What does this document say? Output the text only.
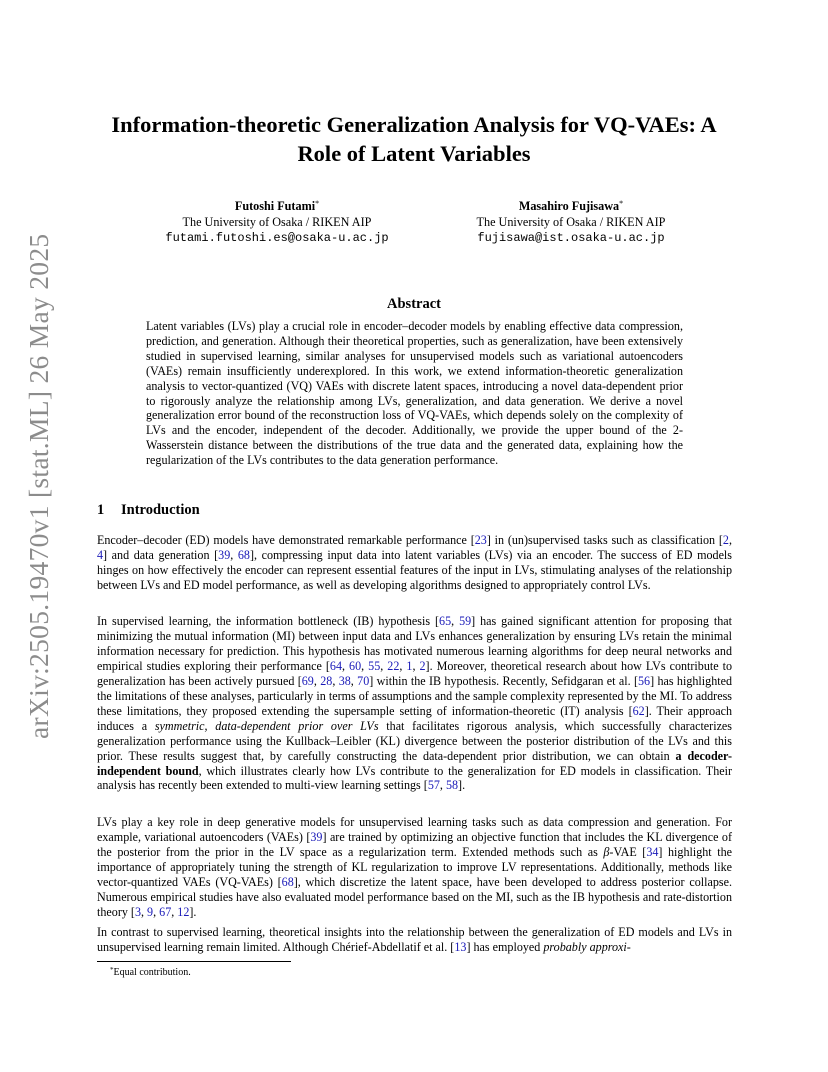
arXiv:2505.19470v1 [stat.ML] 26 May 2025
Information-theoretic Generalization Analysis for VQ-VAEs: A Role of Latent Variables
Futoshi Futami*
The University of Osaka / RIKEN AIP
futami.futoshi.es@osaka-u.ac.jp
Masahiro Fujisawa*
The University of Osaka / RIKEN AIP
fujisawa@ist.osaka-u.ac.jp
Abstract
Latent variables (LVs) play a crucial role in encoder–decoder models by enabling effective data compression, prediction, and generation. Although their theoretical properties, such as generalization, have been extensively studied in supervised learning, similar analyses for unsupervised models such as variational autoencoders (VAEs) remain insufficiently underexplored. In this work, we extend information-theoretic generalization analysis to vector-quantized (VQ) VAEs with discrete latent spaces, introducing a novel data-dependent prior to rigorously analyze the relationship among LVs, generalization, and data generation. We derive a novel generalization error bound of the reconstruction loss of VQ-VAEs, which depends solely on the complexity of LVs and the encoder, independent of the decoder. Additionally, we provide the upper bound of the 2-Wasserstein distance between the distributions of the true data and the generated data, explaining how the regularization of the LVs contributes to the data generation performance.
1 Introduction

Encoder–decoder (ED) models have demonstrated remarkable performance [23] in (un)supervised tasks such as classification [2, 4] and data generation [39, 68], compressing input data into latent variables (LVs) via an encoder. The success of ED models hinges on how effectively the encoder can represent essential features of the input in LVs, stimulating analyses of the relationship between LVs and ED model performance, as well as developing algorithms designed to appropriately control LVs.

In supervised learning, the information bottleneck (IB) hypothesis [65, 59] has gained significant attention for proposing that minimizing the mutual information (MI) between input data and LVs enhances generalization by ensuring LVs retain the minimal information necessary for prediction. This hypothesis has motivated numerous learning algorithms for deep neural networks and empirical studies exploring their performance [64, 60, 55, 22, 1, 2]. Moreover, theoretical research about how LVs contribute to generalization has been actively pursued [69, 28, 38, 70] within the IB hypothesis. Recently, Sefidgaran et al. [56] has highlighted the limitations of these analyses, particularly in terms of assumptions and the sample complexity represented by the MI. To address these limitations, they proposed extending the supersample setting of information-theoretic (IT) analysis [62]. Their approach induces a symmetric, data-dependent prior over LVs that facilitates rigorous analysis, which successfully characterizes generalization performance using the Kullback–Leibler (KL) divergence between the posterior distribution of the LVs and this prior. These results suggest that, by carefully constructing the data-dependent prior distribution, we can obtain a decoder-independent bound, which illustrates clearly how LVs contribute to the generalization for ED models in classification. Their analysis has recently been extended to multi-view learning settings [57, 58].

LVs play a key role in deep generative models for unsupervised learning tasks such as data compression and generation. For example, variational autoencoders (VAEs) [39] are trained by optimizing an objective function that includes the KL divergence of the posterior from the prior in the LV space as a regularization term. Extended methods such as β-VAE [34] highlight the importance of appropriately tuning the strength of KL regularization to improve LV representations. Additionally, methods like vector-quantized VAEs (VQ-VAEs) [68], which discretize the latent space, have been developed to address posterior collapse. Numerous empirical studies have also evaluated model performance based on the MI, such as the IB hypothesis and rate-distortion theory [3, 9, 67, 12].

In contrast to supervised learning, theoretical insights into the relationship between the generalization of ED models and LVs in unsupervised learning remain limited. Although Chérief-Abdellatif et al. [13] has employed probably approxi-

*Equal contribution.
